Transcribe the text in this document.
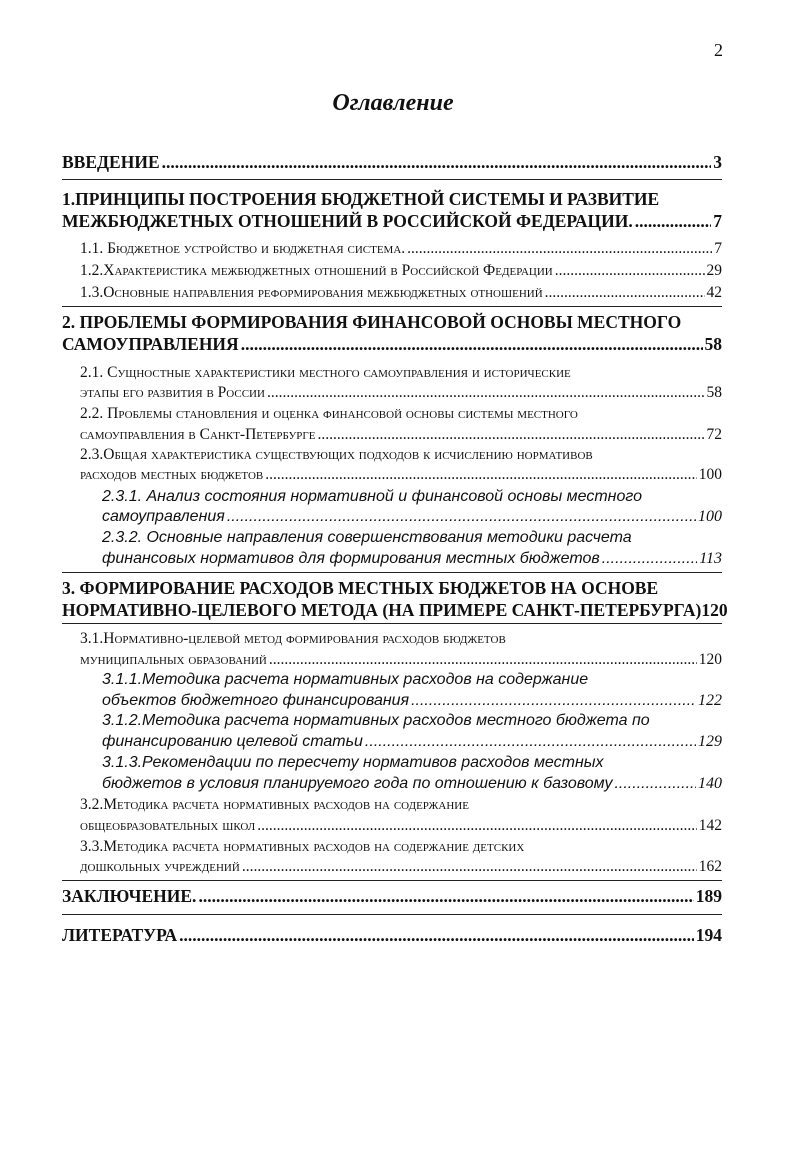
2
Оглавление
ВВЕДЕНИЕ .....	3
1.ПРИНЦИПЫ ПОСТРОЕНИЯ БЮДЖЕТНОЙ СИСТЕМЫ И РАЗВИТИЕ
МЕЖБЮДЖЕТНЫХ ОТНОШЕНИЙ В РОССИЙСКОЙ ФЕДЕРАЦИИ. .....	7
1.1. Бюджетное устройство и бюджетная система. .....	7
1.2.Характеристика межбюджетных отношений в Российской Федерации .....	29
1.3.Основные направления реформирования межбюджетных отношений .....	42
2. ПРОБЛЕМЫ ФОРМИРОВАНИЯ ФИНАНСОВОЙ ОСНОВЫ МЕСТНОГО
САМОУПРАВЛЕНИЯ .....	58
2.1. Сущностные характеристики местного самоуправления и исторические
этапы его развития в России .....	58
2.2. Проблемы становления и оценка финансовой основы системы местного
самоуправления в Санкт-Петербурге .....	72
2.3.Общая характеристика существующих подходов к исчислению нормативов
расходов местных бюджетов .....	100
2.3.1. Анализ состояния нормативной и финансовой основы местного
самоуправления .....	100
2.3.2. Основные направления совершенствования методики расчета
финансовых нормативов для формирования местных бюджетов .....	113
3. ФОРМИРОВАНИЕ РАСХОДОВ МЕСТНЫХ БЮДЖЕТОВ НА ОСНОВЕ
НОРМАТИВНО-ЦЕЛЕВОГО МЕТОДА (НА ПРИМЕРЕ САНКТ-ПЕТЕРБУРГА)120
3.1.Нормативно-целевой метод формирования расходов бюджетов
муниципальных образований .....	120
3.1.1.Методика расчета нормативных расходов на содержание
объектов бюджетного финансирования .....	122
3.1.2.Методика расчета нормативных расходов местного бюджета по
финансированию целевой статьи .....	129
3.1.3.Рекомендации по пересчету нормативов расходов местных
бюджетов в условия планируемого года по отношению к базовому .....	140
3.2.Методика расчета нормативных расходов на содержание
общеобразовательных школ .....	142
3.3.Методика расчета нормативных расходов на содержание детских
дошкольных учреждений .....	162
ЗАКЛЮЧЕНИЕ. .....	189
ЛИТЕРАТУРА .....	194
